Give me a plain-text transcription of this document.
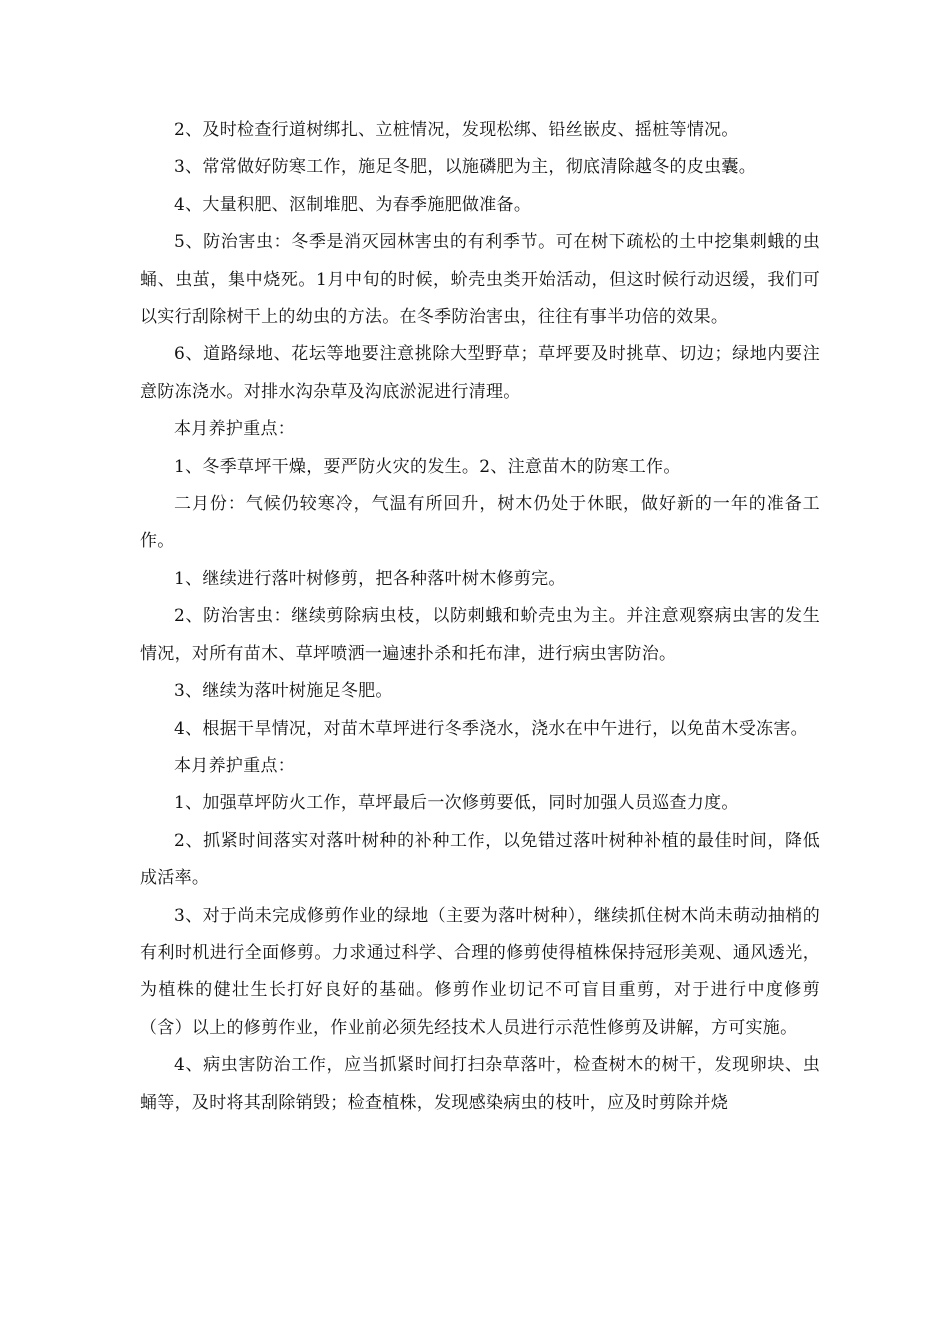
2、及时检查行道树绑扎、立桩情况，发现松绑、铅丝嵌皮、摇桩等情况。

3、常常做好防寒工作，施足冬肥，以施磷肥为主，彻底清除越冬的皮虫囊。

4、大量积肥、沤制堆肥、为春季施肥做准备。

5、防治害虫：冬季是消灭园林害虫的有利季节。可在树下疏松的土中挖集刺蛾的虫蛹、虫茧，集中烧死。1月中旬的时候，蚧壳虫类开始活动，但这时候行动迟缓，我们可以实行刮除树干上的幼虫的方法。在冬季防治害虫，往往有事半功倍的效果。

6、道路绿地、花坛等地要注意挑除大型野草；草坪要及时挑草、切边；绿地内要注意防冻浇水。对排水沟杂草及沟底淤泥进行清理。

本月养护重点：

1、冬季草坪干燥，要严防火灾的发生。2、注意苗木的防寒工作。

二月份：气候仍较寒冷，气温有所回升，树木仍处于休眠，做好新的一年的准备工作。

1、继续进行落叶树修剪，把各种落叶树木修剪完。

2、防治害虫：继续剪除病虫枝，以防刺蛾和蚧壳虫为主。并注意观察病虫害的发生情况，对所有苗木、草坪喷洒一遍速扑杀和托布津，进行病虫害防治。

3、继续为落叶树施足冬肥。

4、根据干旱情况，对苗木草坪进行冬季浇水，浇水在中午进行，以免苗木受冻害。

本月养护重点：

1、加强草坪防火工作，草坪最后一次修剪要低，同时加强人员巡查力度。

2、抓紧时间落实对落叶树种的补种工作，以免错过落叶树种补植的最佳时间，降低成活率。

3、对于尚未完成修剪作业的绿地（主要为落叶树种），继续抓住树木尚未萌动抽梢的有利时机进行全面修剪。力求通过科学、合理的修剪使得植株保持冠形美观、通风透光，为植株的健壮生长打好良好的基础。修剪作业切记不可盲目重剪，对于进行中度修剪（含）以上的修剪作业，作业前必须先经技术人员进行示范性修剪及讲解，方可实施。

4、病虫害防治工作，应当抓紧时间打扫杂草落叶，检查树木的树干，发现卵块、虫蛹等，及时将其刮除销毁；检查植株，发现感染病虫的枝叶，应及时剪除并烧
